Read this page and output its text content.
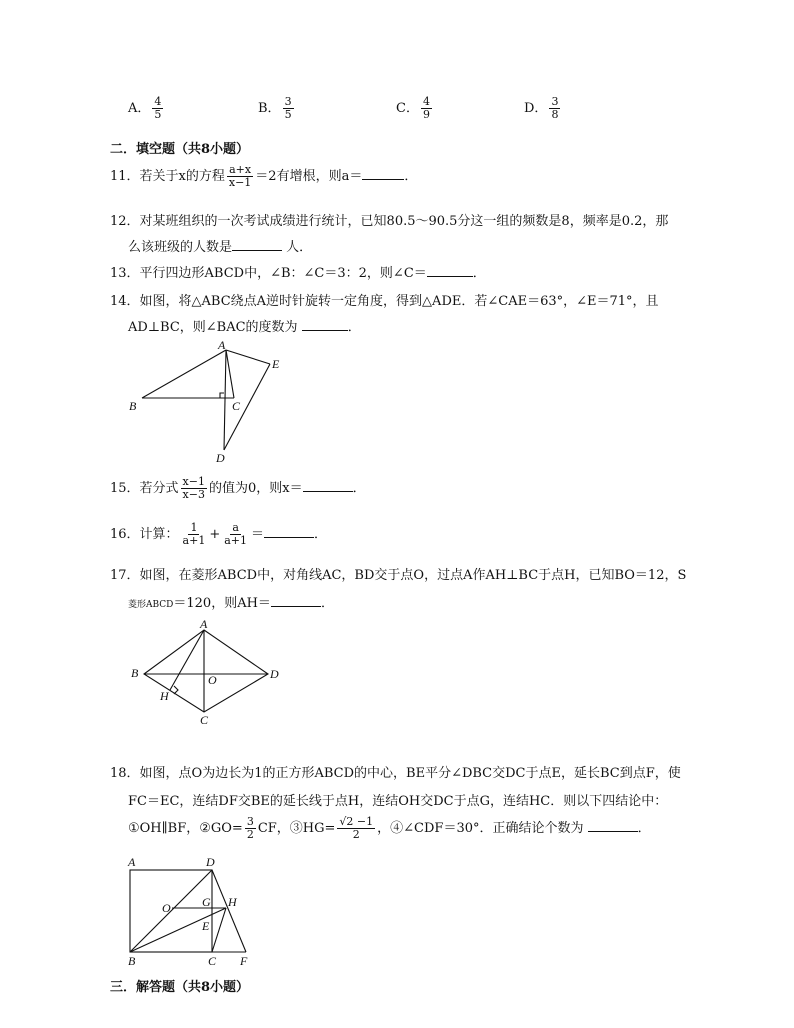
A． $\frac{4}{5}$	B． $\frac{3}{5}$	C． $\frac{4}{9}$	D． $\frac{3}{8}$
二．填空题（共8小题）
11．若关于x的方程 $\frac{a+x}{x-1} =2$有增根，则a＝	．
12．对某班组织的一次考试成绩进行统计，已知80.5～90.5分这一组的频数是8，频率是0.2，那
么该班级的人数是	人．
13．平行四边形ABCD中，∠B：∠C＝3：2，则∠C＝	．
14．如图，将△ABC绕点A逆时针旋转一定角度，得到△ADE．若∠CAE＝63°，∠E＝71°，且
AD⊥BC，则∠BAC的度数为	．
A
B	C
D
E
15．若分式 $\frac{x-1}{x-3}$ 的值为0，则x＝	．
16．计算： $\frac{1}{a+1} + \frac{a}{a+1}$ ＝	．
17．如图，在菱形ABCD中，对角线AC，BD交于点O，过点A作AH⊥BC于点H，已知BO＝12，S
菱形ABCD＝120，则AH＝	．
A
B	D
O
H
C
18．如图，点O为边长为1的正方形ABCD的中心，BE平分∠DBC交DC于点E，延长BC到点F，使
FC＝EC，连结DF交BE的延长线于点H，连结OH交DC于点G，连结HC．则以下四结论中：
①OH∥BF，②GO= $\frac{3}{2}$ CF，③HG= $\frac{√2 -1}{2}$ ，④∠CDF＝30°．正确结论个数为	．
A	D
O	G H
E
B	C F
三．解答题（共8小题）
